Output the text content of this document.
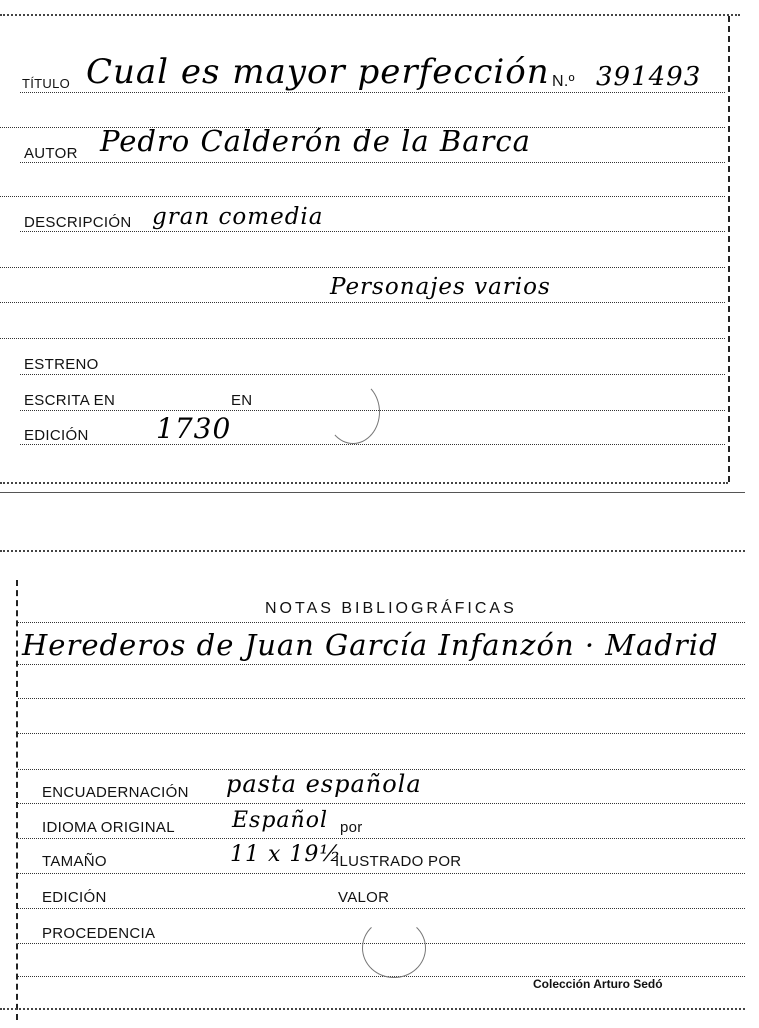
TÍTULO Cual es mayor perfección N.º 391493
AUTOR Pedro Calderón de la Barca
DESCRIPCIÓN gran comedia
Personajes varios
ESTRENO
ESCRITA EN	EN
EDICIÓN 1730
NOTAS BIBLIOGRÁFICAS
Herederos de Juan García Infanzón · Madrid
ENCUADERNACIÓN pasta española
IDIOMA ORIGINAL	Español por
TAMAÑO	11 x 19½
ILUSTRADO POR
EDICIÓN	VALOR
PROCEDENCIA
Colección Arturo Sedó
